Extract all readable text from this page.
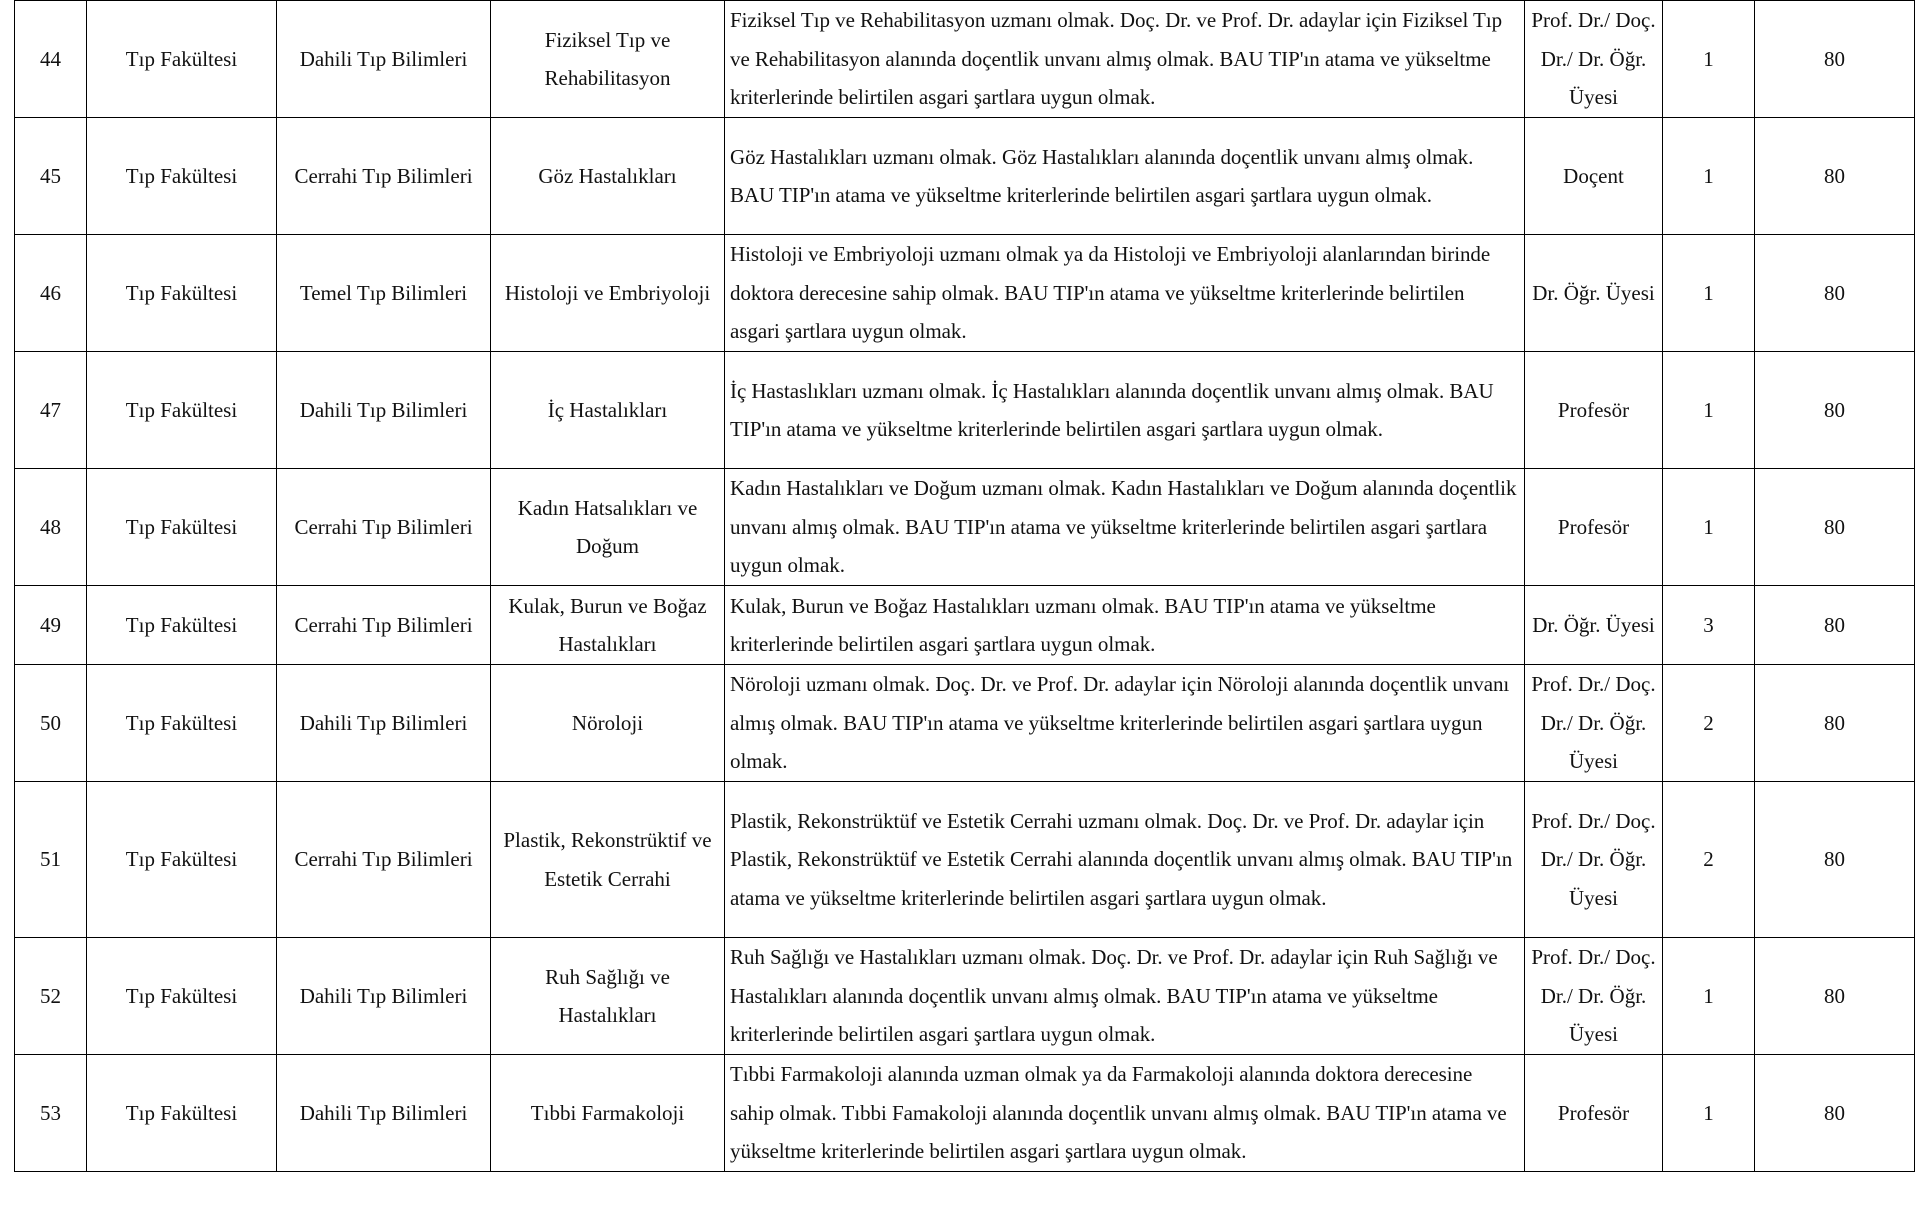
44	Tıp Fakültesi	Dahili Tıp Bilimleri	Fiziksel Tıp ve Rehabilitasyon	Fiziksel Tıp ve Rehabilitasyon uzmanı olmak. Doç. Dr. ve Prof. Dr. adaylar için Fiziksel Tıp ve Rehabilitasyon alanında doçentlik unvanı almış olmak. BAU TIP'ın atama ve yükseltme kriterlerinde belirtilen asgari şartlara uygun olmak.	Prof. Dr./ Doç. Dr./ Dr. Öğr. Üyesi	1	80
45	Tıp Fakültesi	Cerrahi Tıp Bilimleri	Göz Hastalıkları	Göz Hastalıkları uzmanı olmak. Göz Hastalıkları alanında doçentlik unvanı almış olmak. BAU TIP'ın atama ve yükseltme kriterlerinde belirtilen asgari şartlara uygun olmak.	Doçent	1	80
46	Tıp Fakültesi	Temel Tıp Bilimleri	Histoloji ve Embriyoloji	Histoloji ve Embriyoloji uzmanı olmak ya da Histoloji ve Embriyoloji alanlarından birinde doktora derecesine sahip olmak. BAU TIP'ın atama ve yükseltme kriterlerinde belirtilen asgari şartlara uygun olmak.	Dr. Öğr. Üyesi	1	80
47	Tıp Fakültesi	Dahili Tıp Bilimleri	İç Hastalıkları	İç Hastaslıkları uzmanı olmak. İç Hastalıkları alanında doçentlik unvanı almış olmak. BAU TIP'ın atama ve yükseltme kriterlerinde belirtilen asgari şartlara uygun olmak.	Profesör	1	80
48	Tıp Fakültesi	Cerrahi Tıp Bilimleri	Kadın Hatsalıkları ve Doğum	Kadın Hastalıkları ve Doğum uzmanı olmak. Kadın Hastalıkları ve Doğum alanında doçentlik unvanı almış olmak. BAU TIP'ın atama ve yükseltme kriterlerinde belirtilen asgari şartlara uygun olmak.	Profesör	1	80
49	Tıp Fakültesi	Cerrahi Tıp Bilimleri	Kulak, Burun ve Boğaz Hastalıkları	Kulak, Burun ve Boğaz Hastalıkları uzmanı olmak. BAU TIP'ın atama ve yükseltme kriterlerinde belirtilen asgari şartlara uygun olmak.	Dr. Öğr. Üyesi	3	80
50	Tıp Fakültesi	Dahili Tıp Bilimleri	Nöroloji	Nöroloji uzmanı olmak. Doç. Dr. ve Prof. Dr. adaylar için Nöroloji alanında doçentlik unvanı almış olmak. BAU TIP'ın atama ve yükseltme kriterlerinde belirtilen asgari şartlara uygun olmak.	Prof. Dr./ Doç. Dr./ Dr. Öğr. Üyesi	2	80
51	Tıp Fakültesi	Cerrahi Tıp Bilimleri	Plastik, Rekonstrüktif ve Estetik Cerrahi	Plastik, Rekonstrüktüf ve Estetik Cerrahi uzmanı olmak. Doç. Dr. ve Prof. Dr. adaylar için Plastik, Rekonstrüktüf ve Estetik Cerrahi alanında doçentlik unvanı almış olmak. BAU TIP'ın atama ve yükseltme kriterlerinde belirtilen asgari şartlara uygun olmak.	Prof. Dr./ Doç. Dr./ Dr. Öğr. Üyesi	2	80
52	Tıp Fakültesi	Dahili Tıp Bilimleri	Ruh Sağlığı ve Hastalıkları	Ruh Sağlığı ve Hastalıkları uzmanı olmak. Doç. Dr. ve Prof. Dr. adaylar için Ruh Sağlığı ve Hastalıkları alanında doçentlik unvanı almış olmak. BAU TIP'ın atama ve yükseltme kriterlerinde belirtilen asgari şartlara uygun olmak.	Prof. Dr./ Doç. Dr./ Dr. Öğr. Üyesi	1	80
53	Tıp Fakültesi	Dahili Tıp Bilimleri	Tıbbi Farmakoloji	Tıbbi Farmakoloji alanında uzman olmak ya da Farmakoloji alanında doktora derecesine sahip olmak. Tıbbi Famakoloji alanında doçentlik unvanı almış olmak. BAU TIP'ın atama ve yükseltme kriterlerinde belirtilen asgari şartlara uygun olmak.	Profesör	1	80
